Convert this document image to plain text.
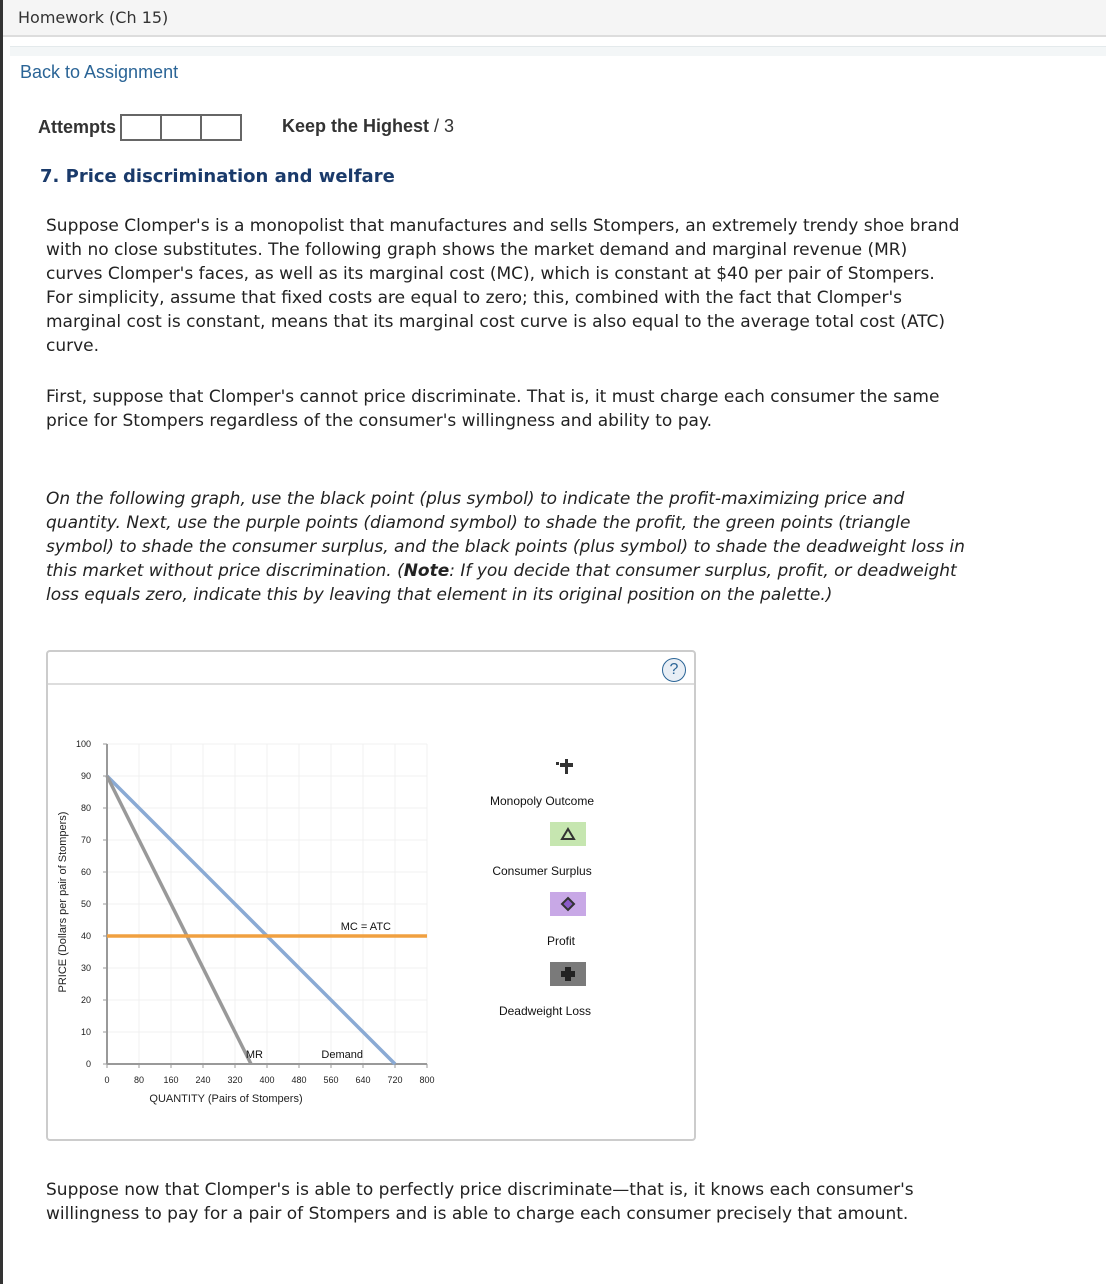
Homework (Ch 15)
Back to Assignment
Attempts	Keep the Highest / 3
7. Price discrimination and welfare

Suppose Clomper's is a monopolist that manufactures and sells Stompers, an extremely trendy shoe brand with no close substitutes. The following graph shows the market demand and marginal revenue (MR) curves Clomper's faces, as well as its marginal cost (MC), which is constant at $40 per pair of Stompers. For simplicity, assume that fixed costs are equal to zero; this, combined with the fact that Clomper's marginal cost is constant, means that its marginal cost curve is also equal to the average total cost (ATC) curve.

First, suppose that Clomper's cannot price discriminate. That is, it must charge each consumer the same price for Stompers regardless of the consumer's willingness and ability to pay.

On the following graph, use the black point (plus symbol) to indicate the profit-maximizing price and quantity. Next, use the purple points (diamond symbol) to shade the profit, the green points (triangle symbol) to shade the consumer surplus, and the black points (plus symbol) to shade the deadweight loss in this market without price discrimination. (Note: If you decide that consumer surplus, profit, or deadweight loss equals zero, indicate this by leaving that element in its original position on the palette.)

?
0
10
20
30
40
50
60
70
80
90
100
0	80 160 240 320 400 480 560 640 720 800
QUANTITY (Pairs of Stompers)
PRICE (Dollars per pair of Stompers)
MR	Demand
MC = ATC
Monopoly Outcome
Consumer Surplus
Profit
Deadweight Loss

Suppose now that Clomper's is able to perfectly price discriminate—that is, it knows each consumer's willingness to pay for a pair of Stompers and is able to charge each consumer precisely that amount.
